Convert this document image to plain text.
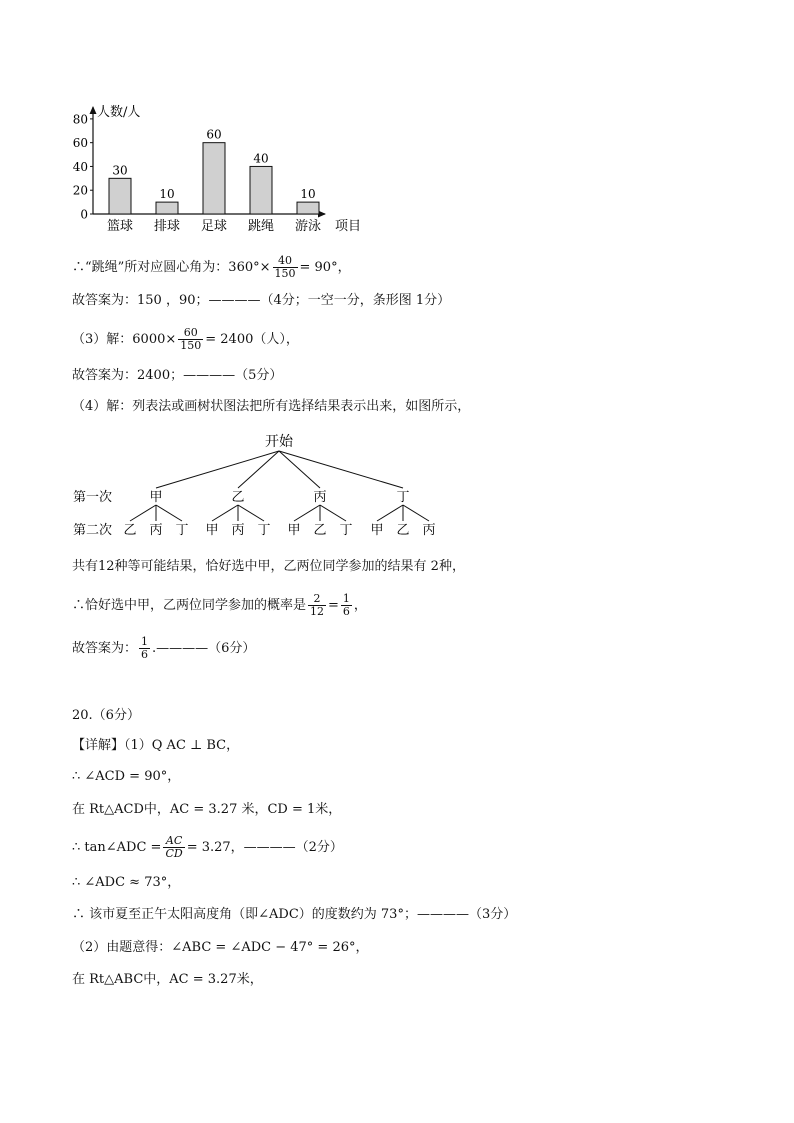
人数/人
项目
0
20
40
60
80
30
篮球
10
排球
60
足球
40
跳绳
10
游泳
∴“跳绳”所对应圆心角为：$360^\circ\times \frac{40}{150} = 90^\circ$，
故答案为：150 ，90；————（4分；一空一分，条形图 1分）
（3）解：$6000\times \frac{60}{150} = 2400$（人），
故答案为：2400；————（5分）
（4）解：列表法或画树状图法把所有选择结果表示出来，如图所示，
开始
第一次
第二次
甲
乙 丙 丁
乙
甲 丙 丁
丙
甲 乙 丁
丁
甲 乙 丙
共有12种等可能结果，恰好选中甲，乙两位同学参加的结果有 2种，
∴恰好选中甲，乙两位同学参加的概率是 $\frac{2}{12} = \frac{1}{6}$ ，
故答案为： $\frac{1}{6}$ .————（6分）
20.（6分）
【详解】（1）Q AC ⊥ BC，
∴ ∠ACD = 90°，
在 Rt△ACD中，AC = 3.27 米，CD = 1米，
∴ tan∠ADC = $\frac{AC}{CD} = 3.27$，————（2分）
∴ ∠ADC ≈ 73°，
∴ 该市夏至正午太阳高度角（即∠ADC）的度数约为 73°；————（3分）
（2）由题意得：∠ABC = ∠ADC − 47° = 26°，
在 Rt△ABC中，AC = 3.27米，
